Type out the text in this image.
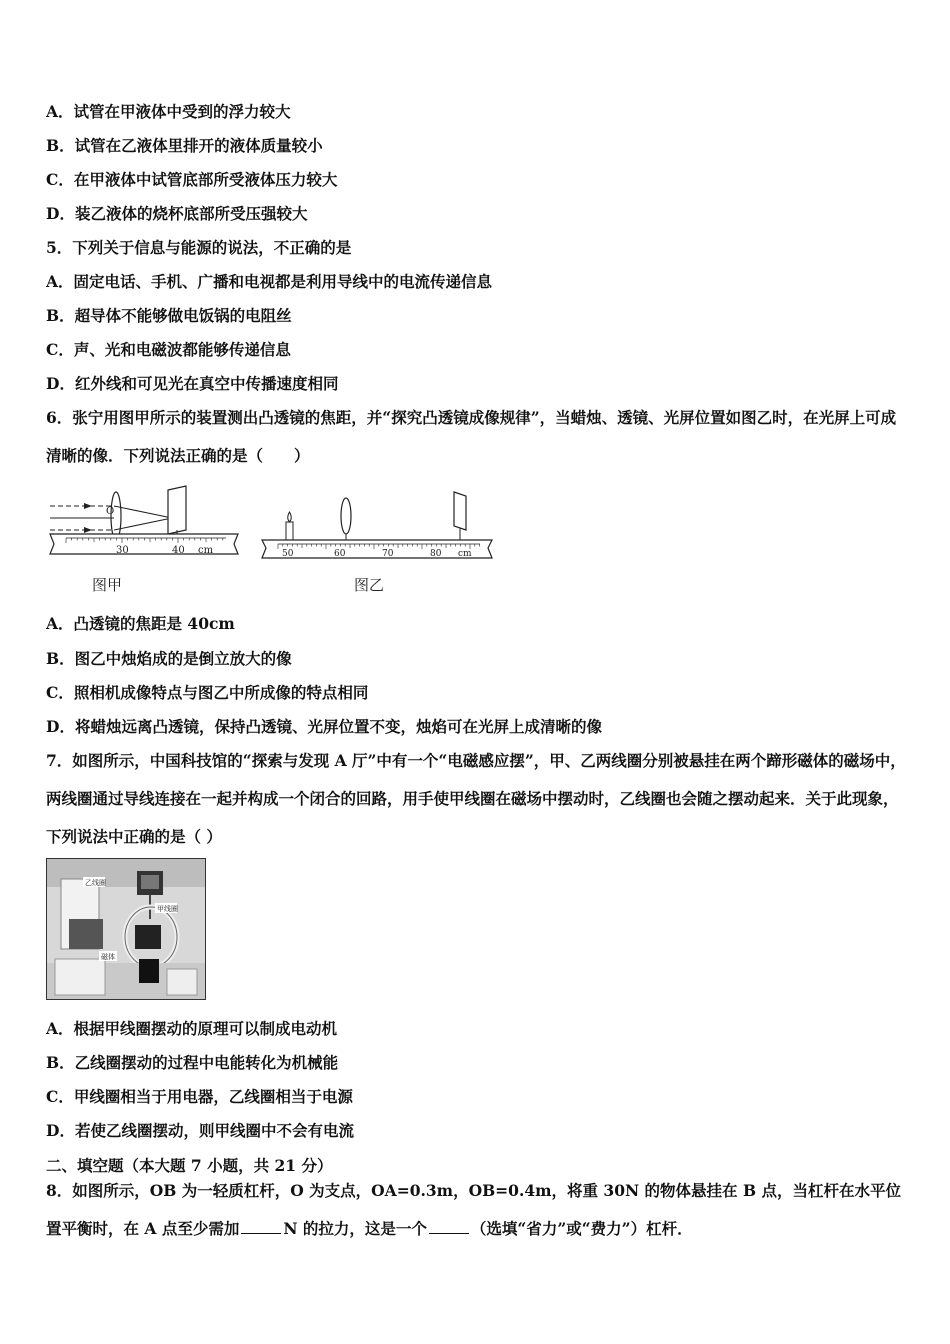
A．试管在甲液体中受到的浮力较大
B．试管在乙液体里排开的液体质量较小
C．在甲液体中试管底部所受液体压力较大
D．装乙液体的烧杯底部所受压强较大
5．下列关于信息与能源的说法，不正确的是
A．固定电话、手机、广播和电视都是利用导线中的电流传递信息
B．超导体不能够做电饭锅的电阻丝
C．声、光和电磁波都能够传递信息
D．红外线和可见光在真空中传播速度相同
6．张宁用图甲所示的装置测出凸透镜的焦距，并“探究凸透镜成像规律”，当蜡烛、透镜、光屏位置如图乙时，在光屏上可成清晰的像．下列说法正确的是（　　）
O
30	40 cm
图甲
50	60	70	80 cm
图乙
A．凸透镜的焦距是 40cm
B．图乙中烛焰成的是倒立放大的像
C．照相机成像特点与图乙中所成像的特点相同
D．将蜡烛远离凸透镜，保持凸透镜、光屏位置不变，烛焰可在光屏上成清晰的像
7．如图所示，中国科技馆的“探索与发现 A 厅”中有一个“电磁感应摆”，甲、乙两线圈分别被悬挂在两个蹄形磁体的磁场中，两线圈通过导线连接在一起并构成一个闭合的回路，用手使甲线圈在磁场中摆动时，乙线圈也会随之摆动起来．关于此现象，下列说法中正确的是（ ）
乙线圈
甲线圈
磁体
A．根据甲线圈摆动的原理可以制成电动机
B．乙线圈摆动的过程中电能转化为机械能
C．甲线圈相当于用电器，乙线圈相当于电源
D．若使乙线圈摆动，则甲线圈中不会有电流
二、填空题（本大题 7 小题，共 21 分）
8．如图所示，OB 为一轻质杠杆，O 为支点，OA=0.3m，OB=0.4m，将重 30N 的物体悬挂在 B 点，当杠杆在水平位置平衡时，在 A 点至少需加	N 的拉力，这是一个	（选填“省力”或“费力”）杠杆．
